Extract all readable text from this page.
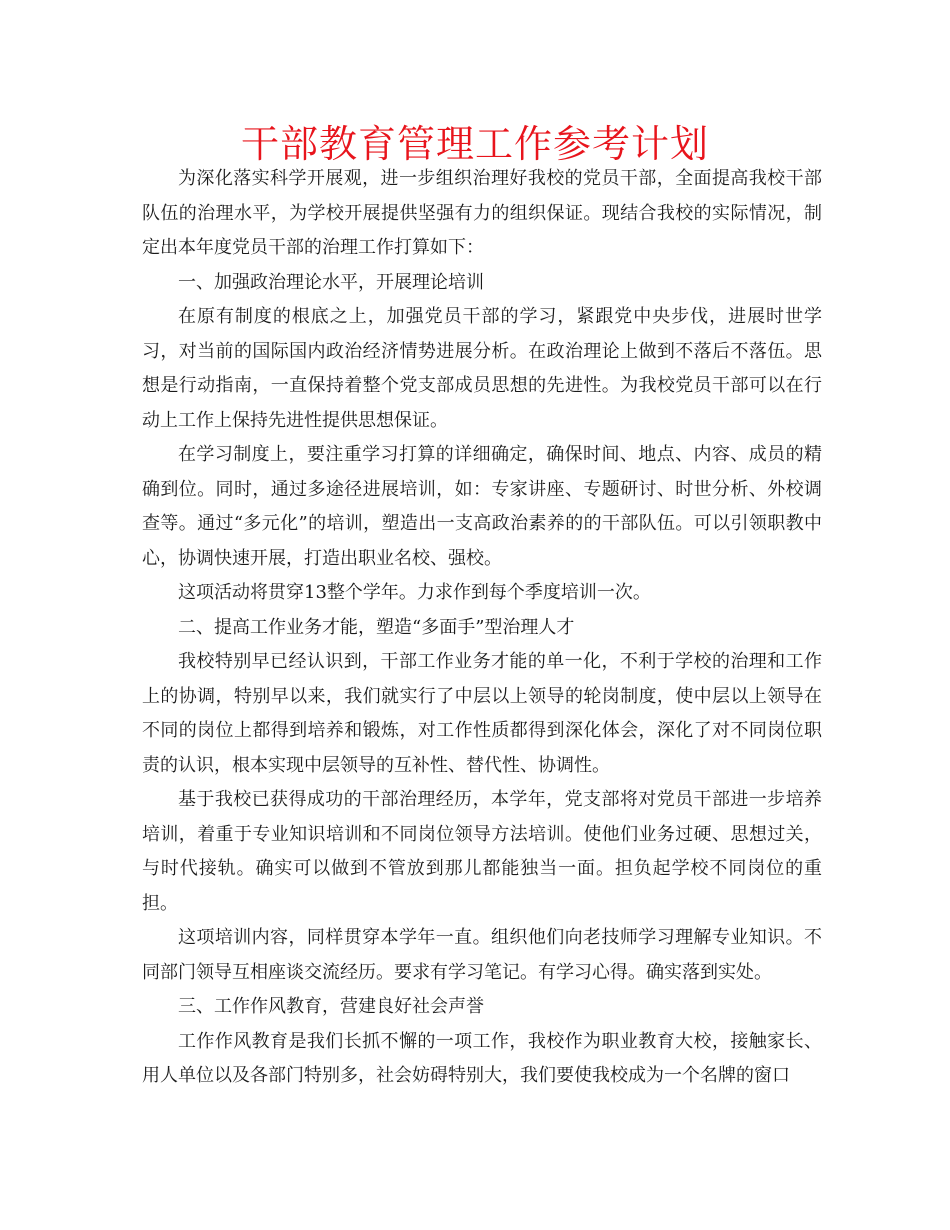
干部教育管理工作参考计划

为深化落实科学开展观，进一步组织治理好我校的党员干部，全面提高我校干部队伍的治理水平，为学校开展提供坚强有力的组织保证。现结合我校的实际情况，制定出本年度党员干部的治理工作打算如下：

一、加强政治理论水平，开展理论培训

在原有制度的根底之上，加强党员干部的学习，紧跟党中央步伐，进展时世学习，对当前的国际国内政治经济情势进展分析。在政治理论上做到不落后不落伍。思想是行动指南，一直保持着整个党支部成员思想的先进性。为我校党员干部可以在行动上工作上保持先进性提供思想保证。

在学习制度上，要注重学习打算的详细确定，确保时间、地点、内容、成员的精确到位。同时，通过多途径进展培训，如：专家讲座、专题研讨、时世分析、外校调查等。通过“多元化”的培训，塑造出一支高政治素养的的干部队伍。可以引领职教中心，协调快速开展，打造出职业名校、强校。

这项活动将贯穿13整个学年。力求作到每个季度培训一次。

二、提高工作业务才能，塑造“多面手”型治理人才

我校特别早已经认识到，干部工作业务才能的单一化，不利于学校的治理和工作上的协调，特别早以来，我们就实行了中层以上领导的轮岗制度，使中层以上领导在不同的岗位上都得到培养和锻炼，对工作性质都得到深化体会，深化了对不同岗位职责的认识，根本实现中层领导的互补性、替代性、协调性。

基于我校已获得成功的干部治理经历，本学年，党支部将对党员干部进一步培养培训，着重于专业知识培训和不同岗位领导方法培训。使他们业务过硬、思想过关，与时代接轨。确实可以做到不管放到那儿都能独当一面。担负起学校不同岗位的重担。

这项培训内容，同样贯穿本学年一直。组织他们向老技师学习理解专业知识。不同部门领导互相座谈交流经历。要求有学习笔记。有学习心得。确实落到实处。

三、工作作风教育，营建良好社会声誉

工作作风教育是我们长抓不懈的一项工作，我校作为职业教育大校，接触家长、用人单位以及各部门特别多，社会妨碍特别大，我们要使我校成为一个名牌的窗口
